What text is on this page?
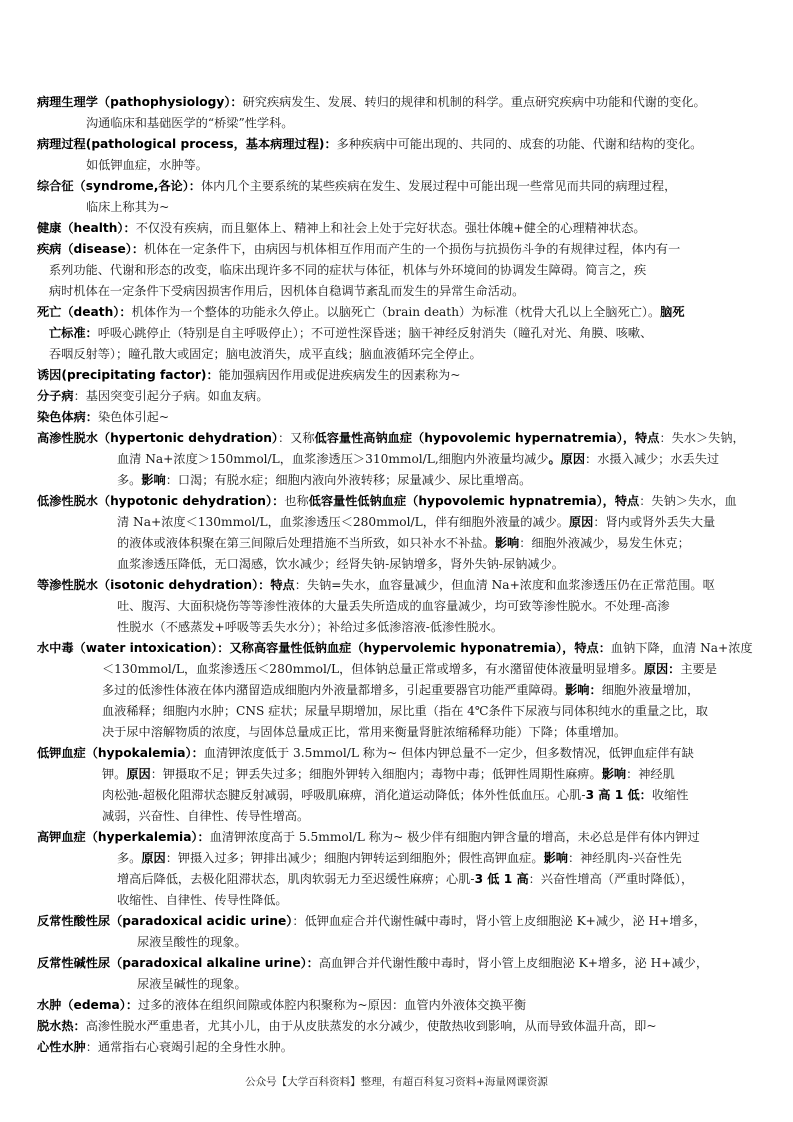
病理生理学（pathophysiology）：研究疾病发生、发展、转归的规律和机制的科学。重点研究疾病中功能和代谢的变化。
沟通临床和基础医学的“桥梁”性学科。
病理过程(pathological process，基本病理过程)：多种疾病中可能出现的、共同的、成套的功能、代谢和结构的变化。
如低钾血症，水肿等。
综合征（syndrome,各论）：体内几个主要系统的某些疾病在发生、发展过程中可能出现一些常见而共同的病理过程，
临床上称其为~
健康（health）：不仅没有疾病，而且躯体上、精神上和社会上处于完好状态。强壮体魄+健全的心理精神状态。
疾病（disease）：机体在一定条件下，由病因与机体相互作用而产生的一个损伤与抗损伤斗争的有规律过程，体内有一
系列功能、代谢和形态的改变，临床出现许多不同的症状与体征，机体与外环境间的协调发生障碍。简言之，疾
病时机体在一定条件下受病因损害作用后，因机体自稳调节紊乱而发生的异常生命活动。
死亡（death）：机体作为一个整体的功能永久停止。以脑死亡（brain death）为标准（枕骨大孔以上全脑死亡）。脑死
亡标准：呼吸心跳停止（特别是自主呼吸停止）；不可逆性深昏迷；脑干神经反射消失（瞳孔对光、角膜、咳嗽、
吞咽反射等）；瞳孔散大或固定；脑电波消失，成平直线；脑血液循环完全停止。
诱因(precipitating factor)：能加强病因作用或促进疾病发生的因素称为~
分子病：基因突变引起分子病。如血友病。
染色体病：染色体引起~
高渗性脱水（hypertonic dehydration）：又称低容量性高钠血症（hypovolemic hypernatremia），特点：失水＞失钠，
血清 Na+浓度＞150mmol/L，血浆渗透压＞310mmol/L,细胞内外液量均减少。原因：水摄入减少；水丢失过
多。影响：口渴；有脱水症；细胞内液向外液转移；尿量减少、尿比重增高。
低渗性脱水（hypotonic dehydration）：也称低容量性低钠血症（hypovolemic hypnatremia），特点：失钠＞失水，血
清 Na+浓度＜130mmol/L，血浆渗透压＜280mmol/L，伴有细胞外液量的减少。原因：肾内或肾外丢失大量
的液体或液体积聚在第三间隙后处理措施不当所致，如只补水不补盐。影响：细胞外液减少，易发生休克；
血浆渗透压降低，无口渴感，饮水减少；经肾失钠-尿钠增多，肾外失钠-尿钠减少。
等渗性脱水（isotonic dehydration）：特点：失钠=失水，血容量减少，但血清 Na+浓度和血浆渗透压仍在正常范围。呕
吐、腹泻、大面积烧伤等等渗性液体的大量丢失所造成的血容量减少，均可致等渗性脱水。不处理-高渗
性脱水（不感蒸发+呼吸等丢失水分）；补给过多低渗溶液-低渗性脱水。
水中毒（water intoxication）：又称高容量性低钠血症（hypervolemic hyponatremia），特点：血钠下降，血清 Na+浓度
＜130mmol/L，血浆渗透压＜280mmol/L，但体钠总量正常或增多，有水潴留使体液量明显增多。原因：主要是
多过的低渗性体液在体内潴留造成细胞内外液量都增多，引起重要器官功能严重障碍。影响：细胞外液量增加，
血液稀释；细胞内水肿；CNS 症状；尿量早期增加，尿比重（指在 4℃条件下尿液与同体积纯水的重量之比，取
决于尿中溶解物质的浓度，与固体总量成正比，常用来衡量肾脏浓缩稀释功能）下降；体重增加。
低钾血症（hypokalemia）：血清钾浓度低于 3.5mmol/L 称为~ 但体内钾总量不一定少，但多数情况，低钾血症伴有缺
钾。原因：钾摄取不足；钾丢失过多；细胞外钾转入细胞内；毒物中毒；低钾性周期性麻痹。影响：神经肌
肉松弛-超极化阻滞状态腱反射减弱，呼吸肌麻痹，消化道运动降低；体外性低血压。心肌-3 高 1 低：收缩性
减弱，兴奋性、自律性、传导性增高。
高钾血症（hyperkalemia）：血清钾浓度高于 5.5mmol/L 称为~ 极少伴有细胞内钾含量的增高，未必总是伴有体内钾过
多。原因：钾摄入过多；钾排出减少；细胞内钾转运到细胞外；假性高钾血症。影响：神经肌肉-兴奋性先
增高后降低，去极化阻滞状态，肌肉软弱无力至迟缓性麻痹；心肌-3 低 1 高：兴奋性增高（严重时降低），
收缩性、自律性、传导性降低。
反常性酸性尿（paradoxical acidic urine）：低钾血症合并代谢性碱中毒时，肾小管上皮细胞泌 K+减少，泌 H+增多，
尿液呈酸性的现象。
反常性碱性尿（paradoxical alkaline urine）：高血钾合并代谢性酸中毒时，肾小管上皮细胞泌 K+增多，泌 H+减少，
尿液呈碱性的现象。
水肿（edema）：过多的液体在组织间隙或体腔内积聚称为~原因：血管内外液体交换平衡
脱水热：高渗性脱水严重患者，尤其小儿，由于从皮肤蒸发的水分减少，使散热收到影响，从而导致体温升高，即~
心性水肿：通常指右心衰竭引起的全身性水肿。
公众号【大学百科资料】整理，有超百科复习资料+海量网课资源
